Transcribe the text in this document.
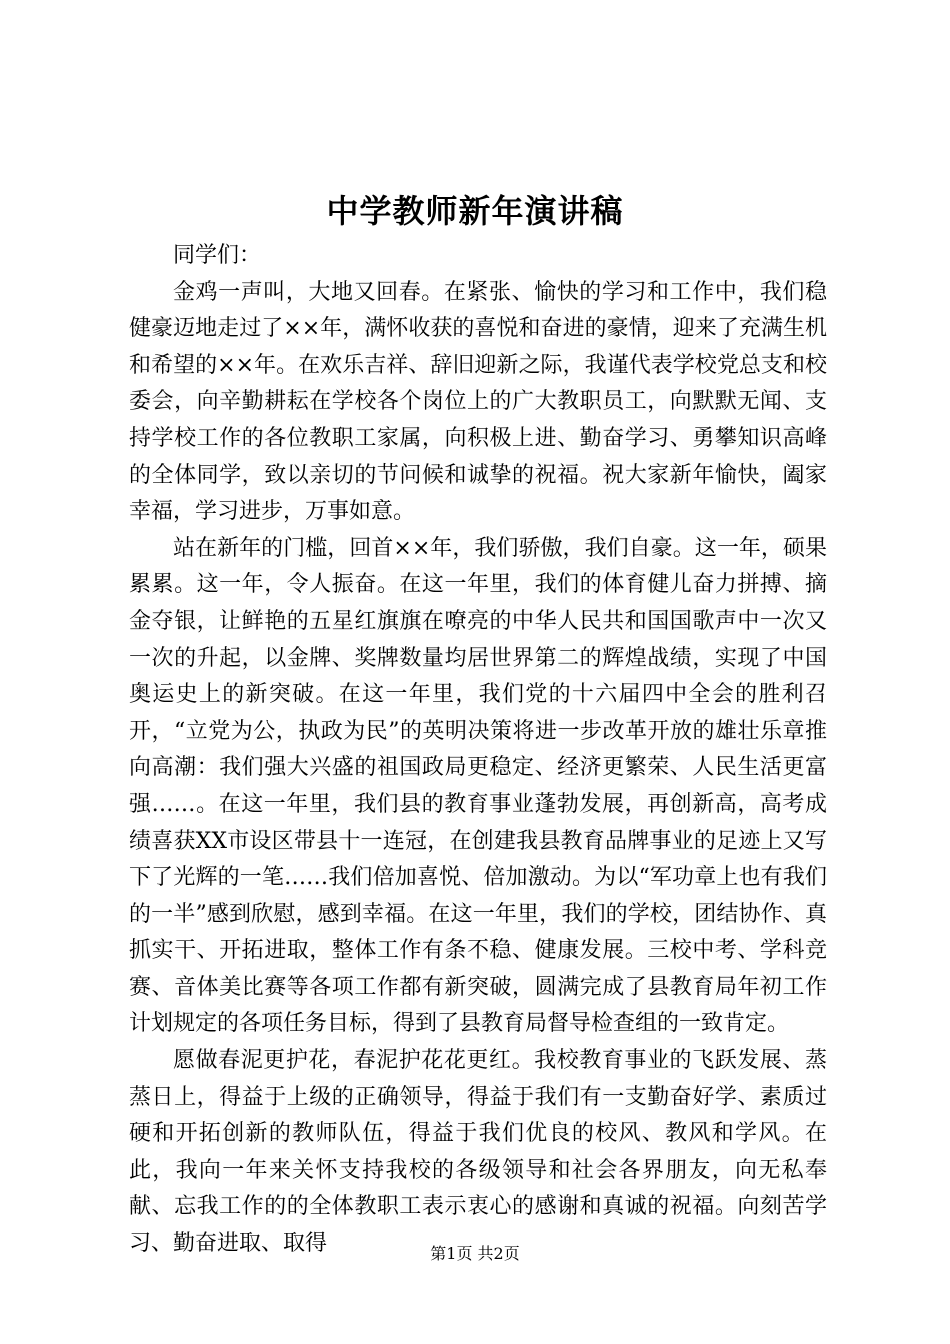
中学教师新年演讲稿

同学们：

金鸡一声叫，大地又回春。在紧张、愉快的学习和工作中，我们稳健豪迈地走过了××年，满怀收获的喜悦和奋进的豪情，迎来了充满生机和希望的××年。在欢乐吉祥、辞旧迎新之际，我谨代表学校党总支和校委会，向辛勤耕耘在学校各个岗位上的广大教职员工，向默默无闻、支持学校工作的各位教职工家属，向积极上进、勤奋学习、勇攀知识高峰的全体同学，致以亲切的节问候和诚挚的祝福。祝大家新年愉快，阖家幸福，学习进步，万事如意。

站在新年的门槛，回首××年，我们骄傲，我们自豪。这一年，硕果累累。这一年，令人振奋。在这一年里，我们的体育健儿奋力拼搏、摘金夺银，让鲜艳的五星红旗旗在嘹亮的中华人民共和国国歌声中一次又一次的升起，以金牌、奖牌数量均居世界第二的辉煌战绩，实现了中国奥运史上的新突破。在这一年里，我们党的十六届四中全会的胜利召开，“立党为公，执政为民”的英明决策将进一步改革开放的雄壮乐章推向高潮：我们强大兴盛的祖国政局更稳定、经济更繁荣、人民生活更富强……。在这一年里，我们县的教育事业蓬勃发展，再创新高，高考成绩喜获XX市设区带县十一连冠，在创建我县教育品牌事业的足迹上又写下了光辉的一笔……我们倍加喜悦、倍加激动。为以“军功章上也有我们的一半”感到欣慰，感到幸福。在这一年里，我们的学校，团结协作、真抓实干、开拓进取，整体工作有条不稳、健康发展。三校中考、学科竞赛、音体美比赛等各项工作都有新突破，圆满完成了县教育局年初工作计划规定的各项任务目标，得到了县教育局督导检查组的一致肯定。

愿做春泥更护花，春泥护花花更红。我校教育事业的飞跃发展、蒸蒸日上，得益于上级的正确领导，得益于我们有一支勤奋好学、素质过硬和开拓创新的教师队伍，得益于我们优良的校风、教风和学风。在此，我向一年来关怀支持我校的各级领导和社会各界朋友，向无私奉献、忘我工作的的全体教职工表示衷心的感谢和真诚的祝福。向刻苦学习、勤奋进取、取得	第1页 共2页
